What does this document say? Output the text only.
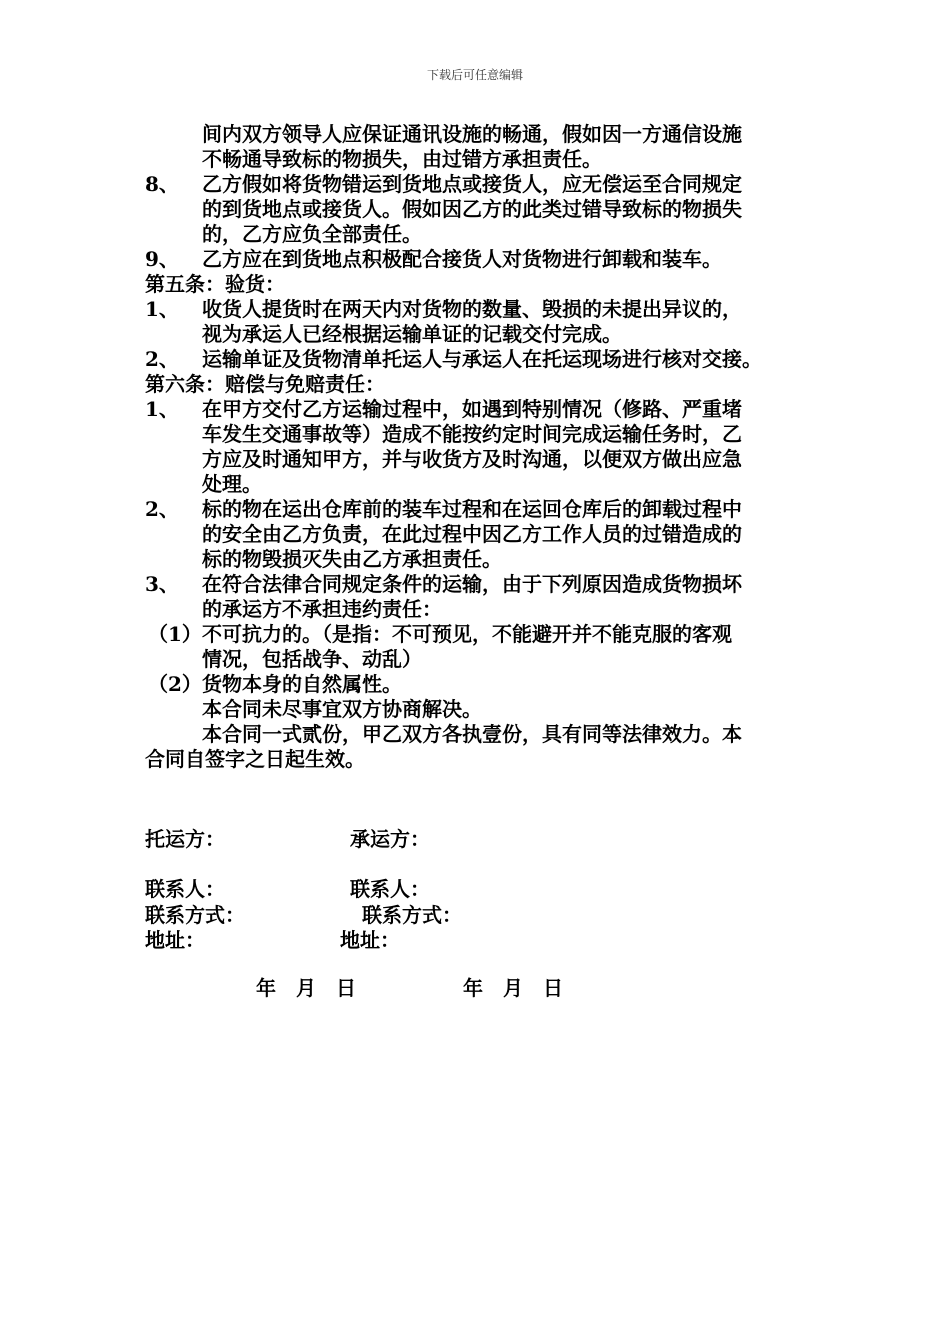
下载后可任意编辑
间内双方领导人应保证通讯设施的畅通，假如因一方通信设施
不畅通导致标的物损失，由过错方承担责任。
8、 乙方假如将货物错运到货地点或接货人，应无偿运至合同规定
的到货地点或接货人。假如因乙方的此类过错导致标的物损失
的，乙方应负全部责任。
9、 乙方应在到货地点积极配合接货人对货物进行卸载和装车。
第五条：验货：
1、 收货人提货时在两天内对货物的数量、毁损的未提出异议的，
视为承运人已经根据运输单证的记载交付完成。
2、 运输单证及货物清单托运人与承运人在托运现场进行核对交接。
第六条：赔偿与免赔责任：
1、 在甲方交付乙方运输过程中，如遇到特别情况（修路、严重堵
车发生交通事故等）造成不能按约定时间完成运输任务时，乙
方应及时通知甲方，并与收货方及时沟通，以便双方做出应急
处理。
2、 标的物在运出仓库前的装车过程和在运回仓库后的卸载过程中
的安全由乙方负责，在此过程中因乙方工作人员的过错造成的
标的物毁损灭失由乙方承担责任。
3、 在符合法律合同规定条件的运输，由于下列原因造成货物损坏
的承运方不承担违约责任：
（1） 不可抗力的。（是指：不可预见，不能避开并不能克服的客观
情况，包括战争、动乱）
（2） 货物本身的自然属性。
本合同未尽事宜双方协商解决。
本合同一式贰份，甲乙双方各执壹份，具有同等法律效力。本
合同自签字之日起生效。
托运方：	承运方：
联系人：	联系人：
联系方式：	联系方式：
地址：	地址：
年　月　日	年　月　日
